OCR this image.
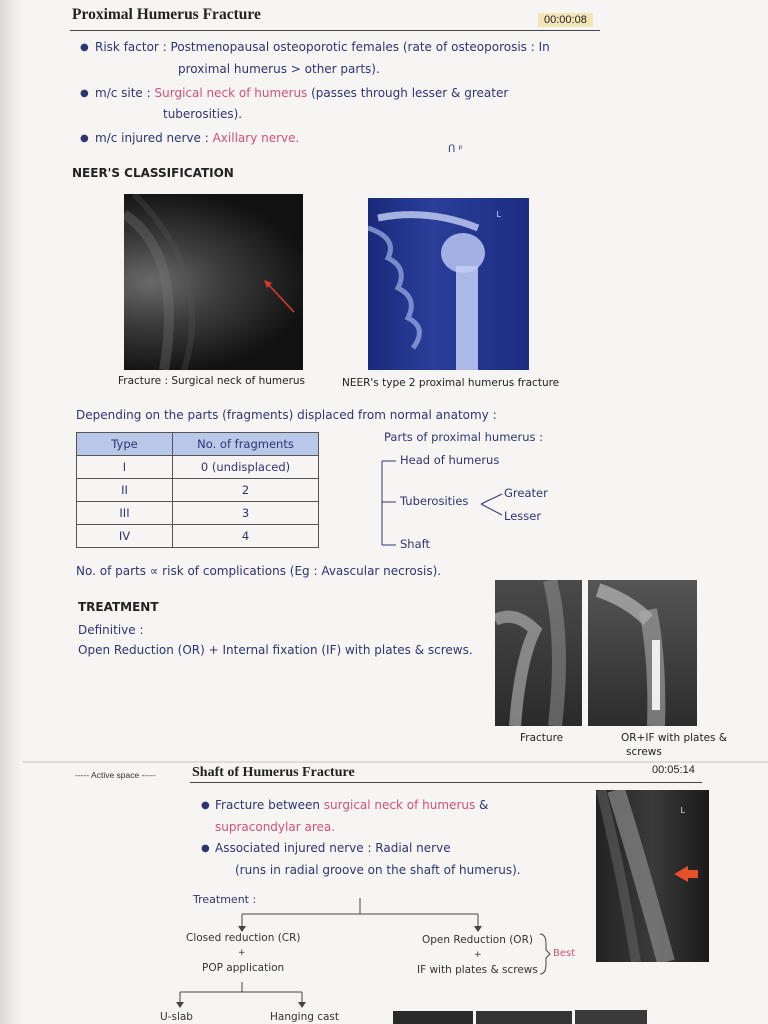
Proximal Humerus Fracture	00:00:08
● Risk factor : Postmenopausal osteoporotic females (rate of osteoporosis : In
proximal humerus > other parts).
● m/c site : Surgical neck of humerus (passes through lesser & greater
tuberosities).
● m/c injured nerve : Axillary nerve.
ᑎ ᵖ
NEER'S CLASSIFICATION
L
Fracture : Surgical neck of humerus	NEER's type 2 proximal humerus fracture
Depending on the parts (fragments) displaced from normal anatomy :
Type	No. of fragments
I	0 (undisplaced)
II	2
III	3
IV	4
Parts of proximal humerus :
Head of humerus
Tuberosities
Greater
Lesser
Shaft
No. of parts ∝ risk of complications (Eg : Avascular necrosis).
TREATMENT
Definitive :
Open Reduction (OR) + Internal fixation (IF) with plates & screws.
Fracture	OR+IF with plates &
screws
----- Active space -----	Shaft of Humerus Fracture	00:05:14
● Fracture between surgical neck of humerus &
supracondylar area.
● Associated injured nerve : Radial nerve
(runs in radial groove on the shaft of humerus).
L
Treatment :
Closed reduction (CR)
+
POP application
Open Reduction (OR)
+
IF with plates & screws
Best
U-slab	Hanging cast
